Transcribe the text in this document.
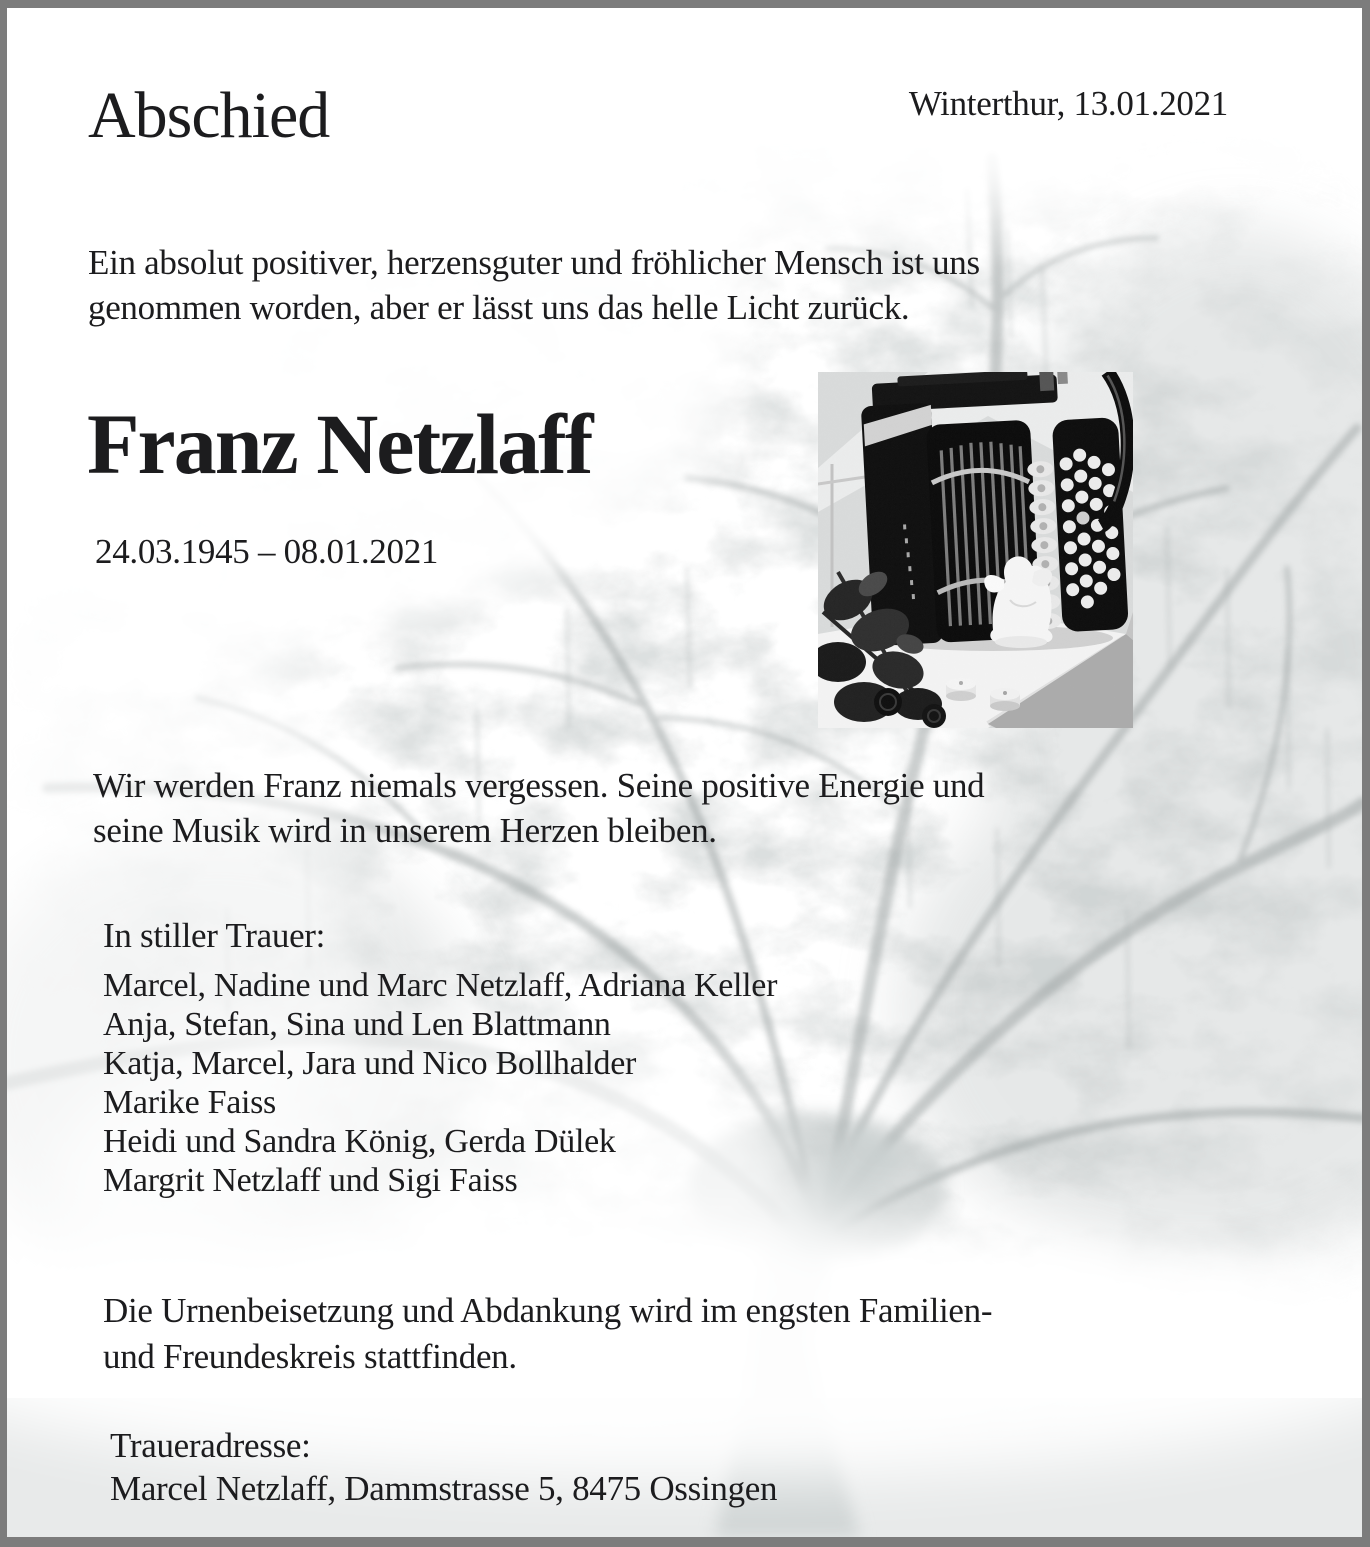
Abschied	Winterthur, 13.01.2021
Ein absolut positiver, herzensguter und fröhlicher Mensch ist uns
genommen worden, aber er lässt uns das helle Licht zurück.
Franz Netzlaff
24.03.1945 – 08.01.2021
Wir werden Franz niemals vergessen. Seine positive Energie und
seine Musik wird in unserem Herzen bleiben.
In stiller Trauer:
Marcel, Nadine und Marc Netzlaff, Adriana Keller
Anja, Stefan, Sina und Len Blattmann
Katja, Marcel, Jara und Nico Bollhalder
Marike Faiss
Heidi und Sandra König, Gerda Dülek
Margrit Netzlaff und Sigi Faiss
Die Urnenbeisetzung und Abdankung wird im engsten Familien-
und Freundeskreis stattfinden.
Traueradresse:
Marcel Netzlaff, Dammstrasse 5, 8475 Ossingen
